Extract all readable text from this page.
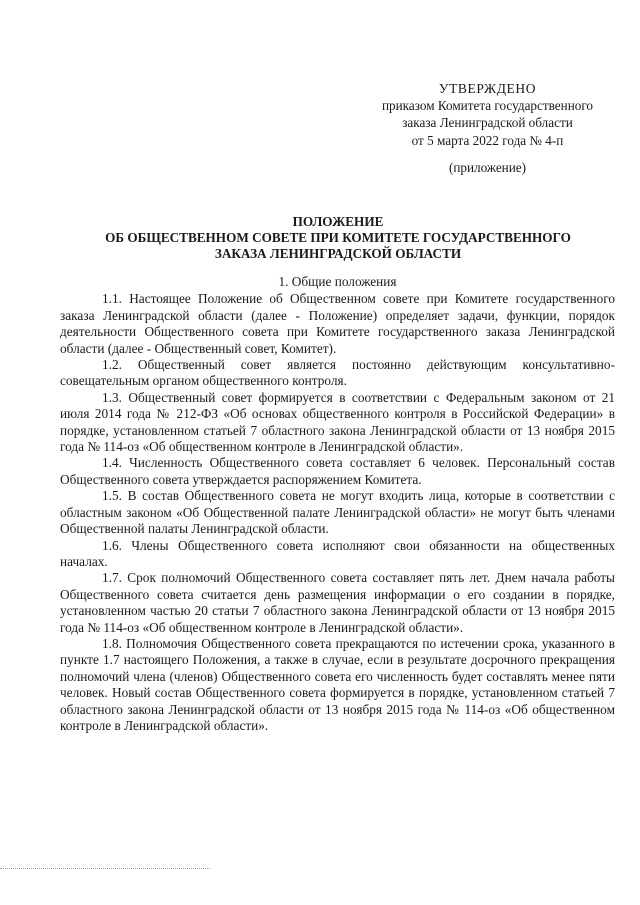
УТВЕРЖДЕНО
приказом Комитета государственного
заказа Ленинградской области
от 5 марта 2022 года № 4-п
(приложение)
ПОЛОЖЕНИЕ
ОБ ОБЩЕСТВЕННОМ СОВЕТЕ ПРИ КОМИТЕТЕ ГОСУДАРСТВЕННОГО
ЗАКАЗА ЛЕНИНГРАДСКОЙ ОБЛАСТИ
1. Общие положения

1.1. Настоящее Положение об Общественном совете при Комитете государственного заказа Ленинградской области (далее - Положение) определяет задачи, функции, порядок деятельности Общественного совета при Комитете государственного заказа Ленинградской области (далее - Общественный совет, Комитет).

1.2. Общественный совет является постоянно действующим консультативно-совещательным органом общественного контроля.

1.3. Общественный совет формируется в соответствии с Федеральным законом от 21 июля 2014 года № 212-ФЗ «Об основах общественного контроля в Российской Федерации» в порядке, установленном статьей 7 областного закона Ленинградской области от 13 ноября 2015 года № 114-оз «Об общественном контроле в Ленинградской области».

1.4. Численность Общественного совета составляет 6 человек. Персональный состав Общественного совета утверждается распоряжением Комитета.

1.5. В состав Общественного совета не могут входить лица, которые в соответствии с областным законом «Об Общественной палате Ленинградской области» не могут быть членами Общественной палаты Ленинградской области.

1.6. Члены Общественного совета исполняют свои обязанности на общественных началах.

1.7. Срок полномочий Общественного совета составляет пять лет. Днем начала работы Общественного совета считается день размещения информации о его создании в порядке, установленном частью 20 статьи 7 областного закона Ленинградской области от 13 ноября 2015 года № 114-оз «Об общественном контроле в Ленинградской области».

1.8. Полномочия Общественного совета прекращаются по истечении срока, указанного в пункте 1.7 настоящего Положения, а также в случае, если в результате досрочного прекращения полномочий члена (членов) Общественного совета его численность будет составлять менее пяти человек. Новый состав Общественного совета формируется в порядке, установленном статьей 7 областного закона Ленинградской области от 13 ноября 2015 года № 114-оз «Об общественном контроле в Ленинградской области».
